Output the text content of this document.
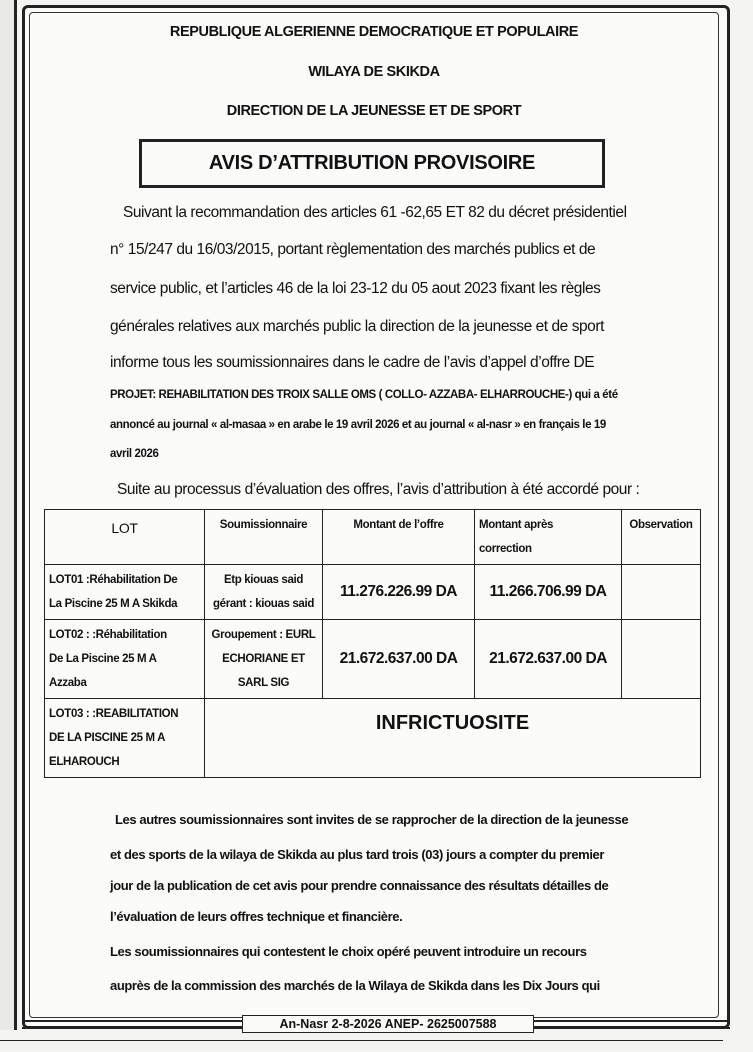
REPUBLIQUE ALGERIENNE DEMOCRATIQUE ET POPULAIRE
WILAYA DE SKIKDA
DIRECTION DE LA JEUNESSE ET DE SPORT
AVIS D’ATTRIBUTION PROVISOIRE
Suivant la recommandation des articles 61 -62,65 ET 82 du décret présidentiel
n° 15/247 du 16/03/2015, portant règlementation des marchés publics et de
service public, et l’articles 46 de la loi 23-12 du 05 aout 2023 fixant les règles
générales relatives aux marchés public la direction de la jeunesse et de sport
informe tous les soumissionnaires dans le cadre de l’avis d’appel d’offre DE
PROJET: REHABILITATION DES TROIX SALLE OMS ( COLLO- AZZABA- ELHARROUCHE-) qui a été
annoncé au journal « al-masaa » en arabe le 19 avril 2026 et au journal « al-nasr » en français le 19
avril 2026
Suite au processus d’évaluation des offres, l’avis d’attribution à été accordé pour :
LOT	Soumissionnaire	Montant de l’offre	Montant après
correction	Observation
LOT01 :Réhabilitation De
La Piscine 25 M A Skikda	Etp kiouas said
gérant : kiouas said	11.276.226.99 DA	11.266.706.99 DA	
LOT02 : :Réhabilitation
De La Piscine 25 M A
Azzaba	Groupement : EURL
ECHORIANE ET
SARL SIG	21.672.637.00 DA	21.672.637.00 DA	
LOT03 : :REABILITATION
DE LA PISCINE 25 M A
ELHAROUCH	INFRICTUOSITE			
Les autres soumissionnaires sont invites de se rapprocher de la direction de la jeunesse
et des sports de la wilaya de Skikda au plus tard trois (03) jours a compter du premier
jour de la publication de cet avis pour prendre connaissance des résultats détailles de
l’évaluation de leurs offres technique et financière.
Les soumissionnaires qui contestent le choix opéré peuvent introduire un recours
auprès de la commission des marchés de la Wilaya de Skikda dans les Dix Jours qui
An-Nasr 2-8-2026 ANEP- 2625007588
